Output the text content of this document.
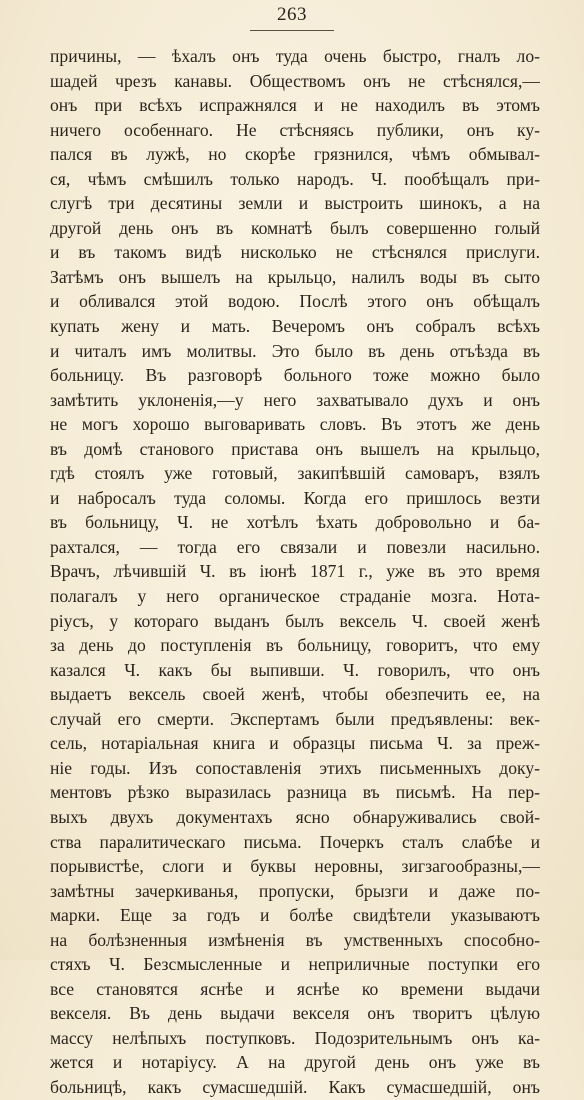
263
причины, — ѣхалъ онъ туда очень быстро, гналъ ло-
шадей чрезъ канавы. Обществомъ онъ не стѣснялся,—
онъ при всѣхъ испражнялся и не находилъ въ этомъ
ничего особеннаго. Не стѣсняясь публики, онъ ку-
пался въ лужѣ, но скорѣе грязнился, чѣмъ обмывал-
ся, чѣмъ смѣшилъ только народъ. Ч. пообѣщалъ при-
слугѣ три десятины земли и выстроить шинокъ, а на
другой день онъ въ комнатѣ былъ совершенно голый
и въ такомъ видѣ нисколько не стѣснялся прислуги.
Затѣмъ онъ вышелъ на крыльцо, налилъ воды въ сыто
и обливался этой водою. Послѣ этого онъ обѣщалъ
купать жену и мать. Вечеромъ онъ собралъ всѣхъ
и читалъ имъ молитвы. Это было въ день отъѣзда въ
больницу. Въ разговорѣ больного тоже можно было
замѣтить уклоненія,—у него захватывало духъ и онъ
не могъ хорошо выговаривать словъ. Въ этотъ же день
въ домѣ станового пристава онъ вышелъ на крыльцо,
гдѣ стоялъ уже готовый, закипѣвшій самоваръ, взялъ
и набросалъ туда соломы. Когда его пришлось везти
въ больницу, Ч. не хотѣлъ ѣхать добровольно и ба-
рахтался, — тогда его связали и повезли насильно.
Врачъ, лѣчившій Ч. въ іюнѣ 1871 г., уже въ это время
полагалъ у него органическое страданіе мозга. Нота-
ріусъ, у котораго выданъ былъ вексель Ч. своей женѣ
за день до поступленія въ больницу, говоритъ, что ему
казался Ч. какъ бы выпивши. Ч. говорилъ, что онъ
выдаетъ вексель своей женѣ, чтобы обезпечить ее, на
случай его смерти. Экспертамъ были предъявлены: век-
сель, нотаріальная книга и образцы письма Ч. за преж-
ніе годы. Изъ сопоставленія этихъ письменныхъ доку-
ментовъ рѣзко выразилась разница въ письмѣ. На пер-
выхъ двухъ документахъ ясно обнаруживались свой-
ства паралитическаго письма. Почеркъ сталъ слабѣе и
порывистѣе, слоги и буквы неровны, зигзагообразны,—
замѣтны зачеркиванья, пропуски, брызги и даже по-
марки. Еще за годъ и болѣе свидѣтели указываютъ
на болѣзненныя измѣненія въ умственныхъ способно-
стяхъ Ч. Безсмысленные и неприличные поступки его
все становятся яснѣе и яснѣе ко времени выдачи
векселя. Въ день выдачи векселя онъ творитъ цѣлую
массу нелѣпыхъ поступковъ. Подозрительнымъ онъ ка-
жется и нотаріусу. А на другой день онъ уже въ
больницѣ, какъ сумасшедшій. Какъ сумасшедшій, онъ
